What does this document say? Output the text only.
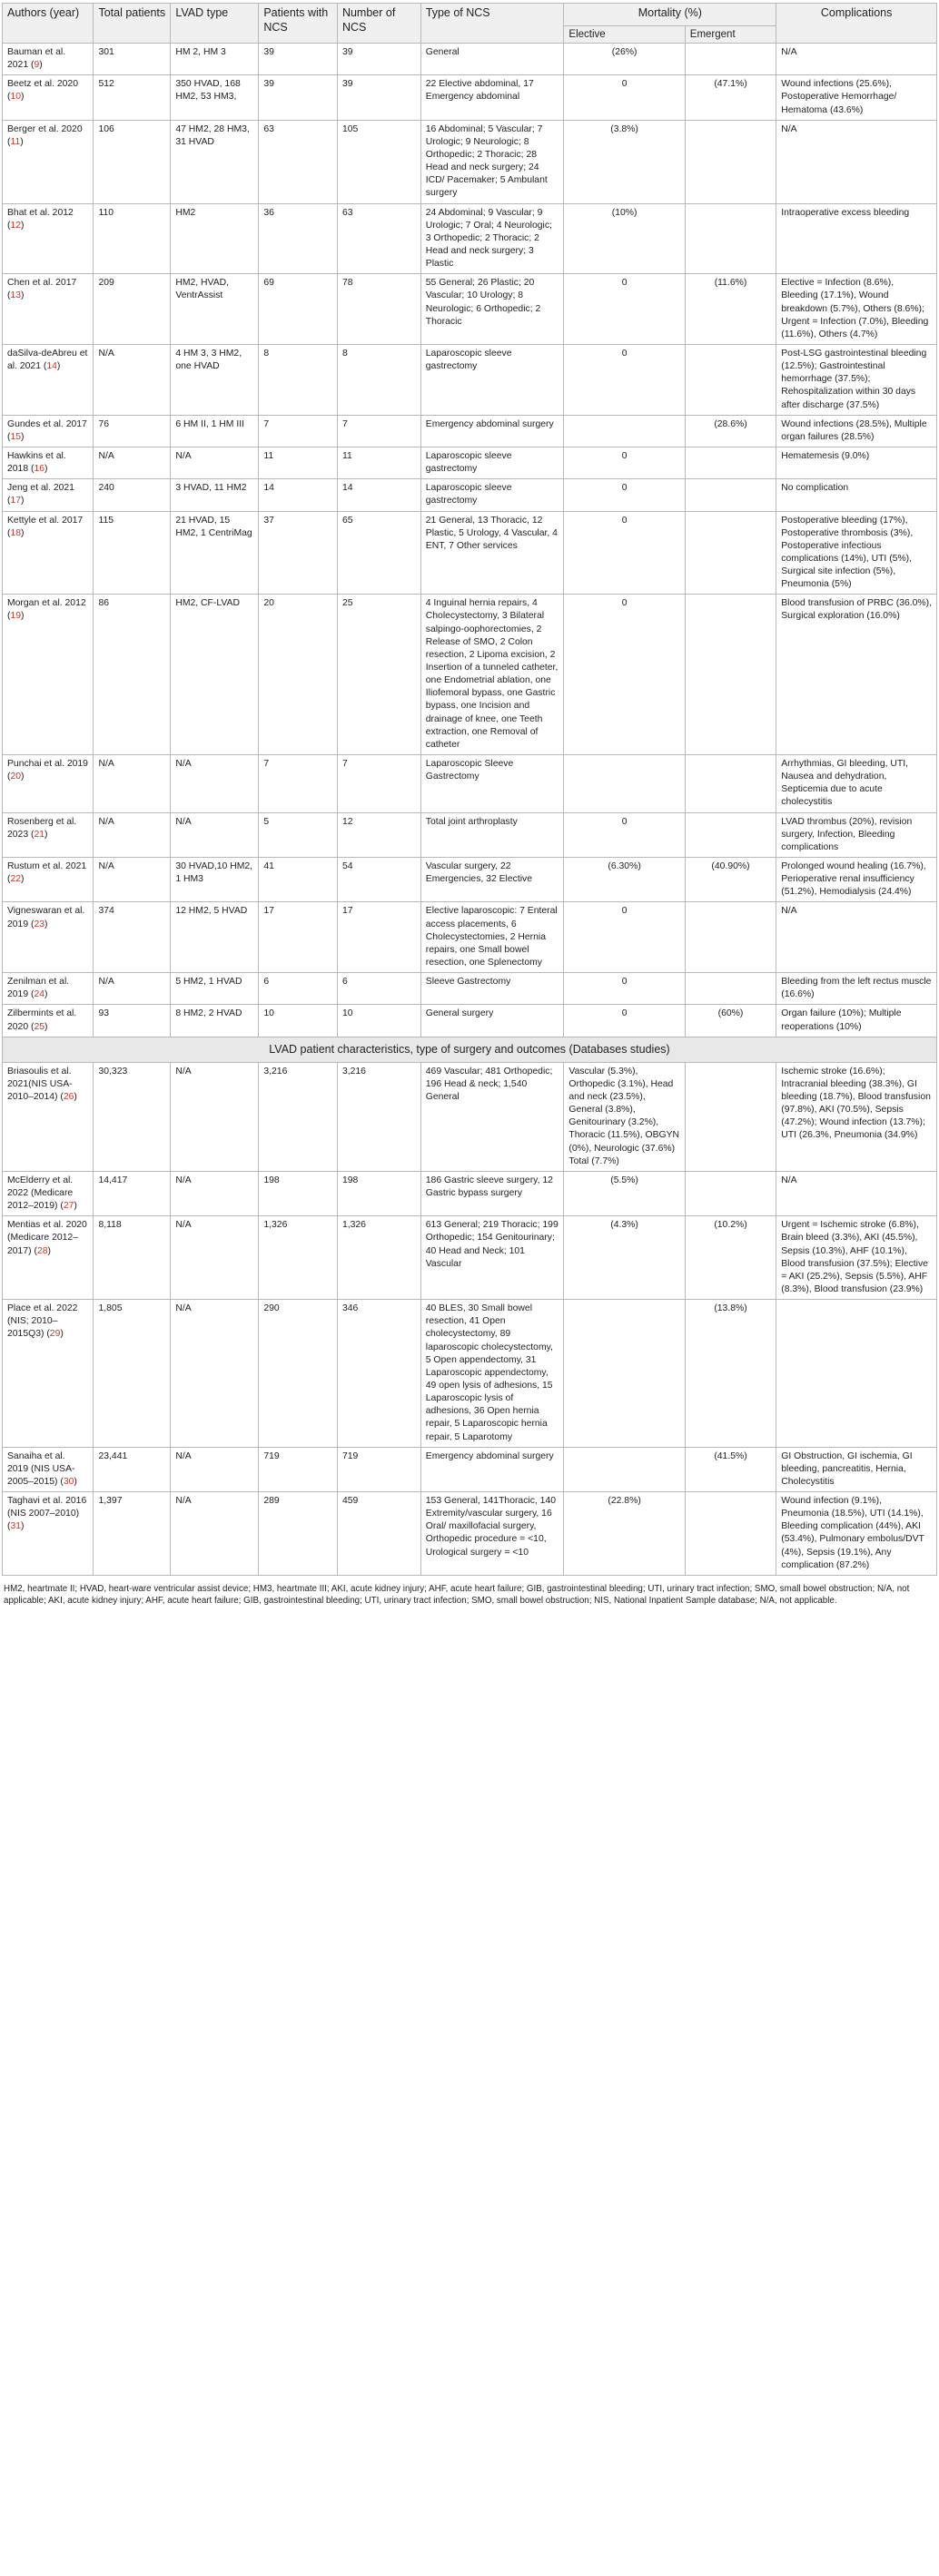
Authors (year)	Total patients	LVAD type	Patients with NCS	Number of NCS	Type of NCS	Mortality (%)		Complications
						Elective	Emergent	
Bauman et al. 2021 (9)	301	HM 2, HM 3	39	39	General	(26%)		N/A
Beetz et al. 2020 (10)	512	350 HVAD, 168 HM2, 53 HM3,	39	39	22 Elective abdominal, 17 Emergency abdominal	0	(47.1%)	Wound infections (25.6%), Postoperative Hemorrhage/ Hematoma (43.6%)
Berger et al. 2020 (11)	106	47 HM2, 28 HM3, 31 HVAD	63	105	16 Abdominal; 5 Vascular; 7 Urologic; 9 Neurologic; 8 Orthopedic; 2 Thoracic; 28 Head and neck surgery; 24 ICD/ Pacemaker; 5 Ambulant surgery	(3.8%)		N/A
Bhat et al. 2012 (12)	110	HM2	36	63	24 Abdominal; 9 Vascular; 9 Urologic; 7 Oral; 4 Neurologic; 3 Orthopedic; 2 Thoracic; 2 Head and neck surgery; 3 Plastic	(10%)		Intraoperative excess bleeding
Chen et al. 2017 (13)	209	HM2, HVAD, VentrAssist	69	78	55 General; 26 Plastic; 20 Vascular; 10 Urology; 8 Neurologic; 6 Orthopedic; 2 Thoracic	0	(11.6%)	Elective = Infection (8.6%), Bleeding (17.1%), Wound breakdown (5.7%), Others (8.6%); Urgent = Infection (7.0%), Bleeding (11.6%), Others (4.7%)
daSilva-deAbreu et al. 2021 (14)	N/A	4 HM 3, 3 HM2, one HVAD	8	8	Laparoscopic sleeve gastrectomy	0		Post-LSG gastrointestinal bleeding (12.5%); Gastrointestinal hemorrhage (37.5%); Rehospitalization within 30 days after discharge (37.5%)
Gundes et al. 2017 (15)	76	6 HM II, 1 HM III	7	7	Emergency abdominal surgery		(28.6%)	Wound infections (28.5%), Multiple organ failures (28.5%)
Hawkins et al. 2018 (16)	N/A	N/A	11	11	Laparoscopic sleeve gastrectomy	0		Hematemesis (9.0%)
Jeng et al. 2021 (17)	240	3 HVAD, 11 HM2	14	14	Laparoscopic sleeve gastrectomy	0		No complication
Kettyle et al. 2017 (18)	115	21 HVAD, 15 HM2, 1 CentriMag	37	65	21 General, 13 Thoracic, 12 Plastic, 5 Urology, 4 Vascular, 4 ENT, 7 Other services	0		Postoperative bleeding (17%), Postoperative thrombosis (3%), Postoperative infectious complications (14%), UTI (5%), Surgical site infection (5%), Pneumonia (5%)
Morgan et al. 2012 (19)	86	HM2, CF-LVAD	20	25	4 Inguinal hernia repairs, 4 Cholecystectomy, 3 Bilateral salpingo-oophorectomies, 2 Release of SMO, 2 Colon resection, 2 Lipoma excision, 2 Insertion of a tunneled catheter, one Endometrial ablation, one Iliofemoral bypass, one Gastric bypass, one Incision and drainage of knee, one Teeth extraction, one Removal of catheter	0		Blood transfusion of PRBC (36.0%), Surgical exploration (16.0%)
Punchai et al. 2019 (20)	N/A	N/A	7	7	Laparoscopic Sleeve Gastrectomy			Arrhythmias, GI bleeding, UTI, Nausea and dehydration, Septicemia due to acute cholecystitis
Rosenberg et al. 2023 (21)	N/A	N/A	5	12	Total joint arthroplasty	0		LVAD thrombus (20%), revision surgery, Infection, Bleeding complications
Rustum et al. 2021 (22)	N/A	30 HVAD,10 HM2, 1 HM3	41	54	Vascular surgery, 22 Emergencies, 32 Elective	(6.30%)	(40.90%)	Prolonged wound healing (16.7%), Perioperative renal insufficiency (51.2%), Hemodialysis (24.4%)
Vigneswaran et al. 2019 (23)	374	12 HM2, 5 HVAD	17	17	Elective laparoscopic: 7 Enteral access placements, 6 Cholecystectomies, 2 Hernia repairs, one Small bowel resection, one Splenectomy	0		N/A
Zenilman et al. 2019 (24)	N/A	5 HM2, 1 HVAD	6	6	Sleeve Gastrectomy	0		Bleeding from the left rectus muscle (16.6%)
Zilbermints et al. 2020 (25)	93	8 HM2, 2 HVAD	10	10	General surgery	0	(60%)	Organ failure (10%); Multiple reoperations (10%)
LVAD patient characteristics, type of surgery and outcomes (Databases studies)								
Briasoulis et al. 2021(NIS USA-2010–2014) (26)	30,323	N/A	3,216	3,216	469 Vascular; 481 Orthopedic; 196 Head & neck; 1,540 General	Vascular (5.3%), Orthopedic (3.1%), Head and neck (23.5%), General (3.8%), Genitourinary (3.2%), Thoracic (11.5%), OBGYN (0%), Neurologic (37.6%) Total (7.7%)		Ischemic stroke (16.6%); Intracranial bleeding (38.3%), GI bleeding (18.7%), Blood transfusion (97.8%), AKI (70.5%), Sepsis (47.2%); Wound infection (13.7%); UTI (26.3%, Pneumonia (34.9%)
McElderry et al. 2022 (Medicare 2012–2019) (27)	14,417	N/A	198	198	186 Gastric sleeve surgery, 12 Gastric bypass surgery	(5.5%)		N/A
Mentias et al. 2020 (Medicare 2012–2017) (28)	8,118	N/A	1,326	1,326	613 General; 219 Thoracic; 199 Orthopedic; 154 Genitourinary; 40 Head and Neck; 101 Vascular	(4.3%)	(10.2%)	Urgent = Ischemic stroke (6.8%), Brain bleed (3.3%), AKI (45.5%), Sepsis (10.3%), AHF (10.1%), Blood transfusion (37.5%); Elective = AKI (25.2%), Sepsis (5.5%), AHF (8.3%), Blood transfusion (23.9%)
Place et al. 2022 (NIS; 2010–2015Q3) (29)	1,805	N/A	290	346	40 BLES, 30 Small bowel resection, 41 Open cholecystectomy, 89 laparoscopic cholecystectomy, 5 Open appendectomy, 31 Laparoscopic appendectomy, 49 open lysis of adhesions, 15 Laparoscopic lysis of adhesions, 36 Open hernia repair, 5 Laparoscopic hernia repair, 5 Laparotomy		(13.8%)	
Sanaiha et al. 2019 (NIS USA-2005–2015) (30)	23,441	N/A	719	719	Emergency abdominal surgery		(41.5%)	GI Obstruction, GI ischemia, GI bleeding, pancreatitis, Hernia, Cholecystitis
Taghavi et al. 2016 (NIS 2007–2010) (31)	1,397	N/A	289	459	153 General, 141Thoracic, 140 Extremity/vascular surgery, 16 Oral/ maxillofacial surgery, Orthopedic procedure = <10, Urological surgery = <10	(22.8%)		Wound infection (9.1%), Pneumonia (18.5%), UTI (14.1%), Bleeding complication (44%), AKI (53.4%), Pulmonary embolus/DVT (4%), Sepsis (19.1%), Any complication (87.2%)
HM2, heartmate II; HVAD, heart-ware ventricular assist device; HM3, heartmate III; AKI, acute kidney injury; AHF, acute heart failure; GIB, gastrointestinal bleeding; UTI, urinary tract infection; SMO, small bowel obstruction; N/A, not applicable; AKI, acute kidney injury; AHF, acute heart failure; GIB, gastrointestinal bleeding; UTI, urinary tract infection; SMO, small bowel obstruction; NIS, National Inpatient Sample database; N/A, not applicable.
